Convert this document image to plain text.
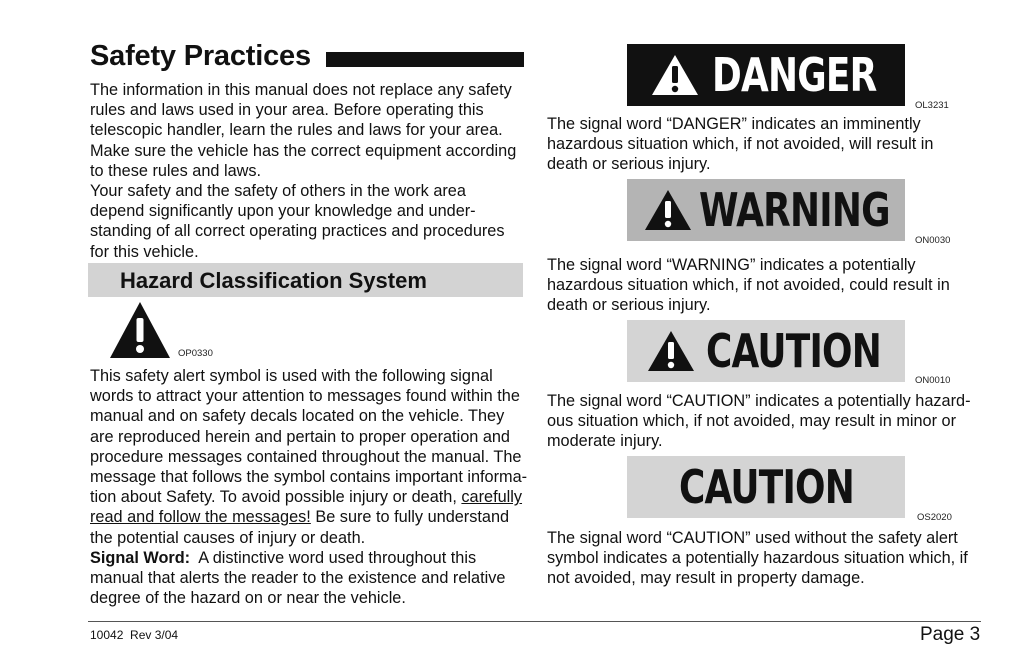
Safety Practices

The information in this manual does not replace any safety

rules and laws used in your area. Before operating this

telescopic handler, learn the rules and laws for your area.

Make sure the vehicle has the correct equipment according

to these rules and laws.

Your safety and the safety of others in the work area

depend significantly upon your knowledge and under-

standing of all correct operating practices and procedures

for this vehicle.

Hazard Classification System
OP0330

This safety alert symbol is used with the following signal

words to attract your attention to messages found within the

manual and on safety decals located on the vehicle. They

are reproduced herein and pertain to proper operation and

procedure messages contained throughout the manual. The

message that follows the symbol contains important informa-

tion about Safety. To avoid possible injury or death, carefully

read and follow the messages! Be sure to fully understand

the potential causes of injury or death.

Signal Word:  A distinctive word used throughout this

manual that alerts the reader to the existence and relative

degree of the hazard on or near the vehicle.

DANGER
OL3231

The signal word “DANGER” indicates an imminently

hazardous situation which, if not avoided, will result in

death or serious injury.

WARNING
ON0030

The signal word “WARNING” indicates a potentially

hazardous situation which, if not avoided, could result in

death or serious injury.

CAUTION
ON0010

The signal word “CAUTION” indicates a potentially hazard-

ous situation which, if not avoided, may result in minor or

moderate injury.

CAUTION
OS2020

The signal word “CAUTION” used without the safety alert

symbol indicates a potentially hazardous situation which, if

not avoided, may result in property damage.

10042  Rev 3/04	Page 3
